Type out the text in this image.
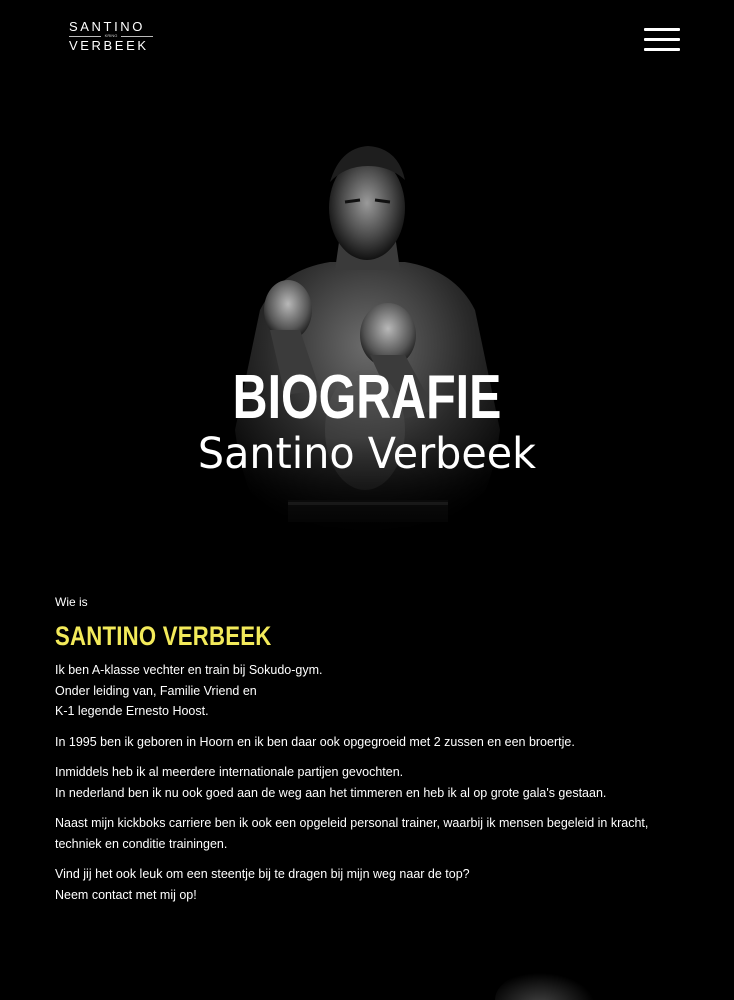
SANTINO
KRING
VERBEEK
BIOGRAFIE
Santino Verbeek

Wie is

SANTINO VERBEEK

Ik ben A-klasse vechter en train bij Sokudo-gym.
Onder leiding van, Familie Vriend en
K-1 legende Ernesto Hoost.

In 1995 ben ik geboren in Hoorn en ik ben daar ook opgegroeid met 2 zussen en een broertje.

Inmiddels heb ik al meerdere internationale partijen gevochten.
In nederland ben ik nu ook goed aan de weg aan het timmeren en heb ik al op grote gala's gestaan.

Naast mijn kickboks carriere ben ik ook een opgeleid personal trainer, waarbij ik mensen begeleid in kracht,
techniek en conditie trainingen.

Vind jij het ook leuk om een steentje bij te dragen bij mijn weg naar de top?
Neem contact met mij op!
